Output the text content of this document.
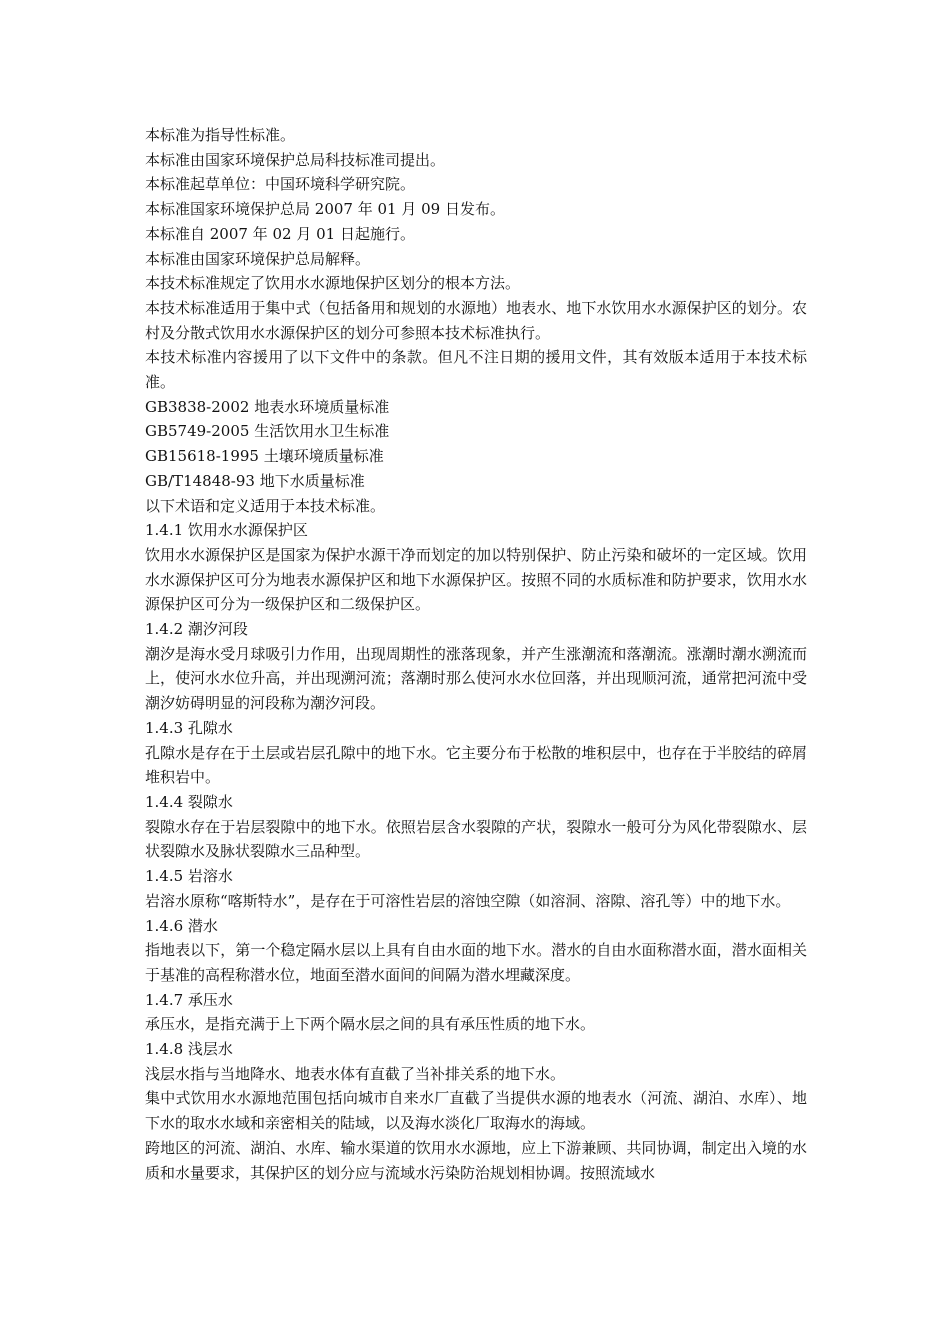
本标准为指导性标准。

本标准由国家环境保护总局科技标准司提出。

本标准起草单位：中国环境科学研究院。

本标准国家环境保护总局 2007 年 01 月 09 日发布。

本标准自 2007 年 02 月 01 日起施行。

本标准由国家环境保护总局解释。

本技术标准规定了饮用水水源地保护区划分的根本方法。

本技术标准适用于集中式（包括备用和规划的水源地）地表水、地下水饮用水水源保护区的划分。农村及分散式饮用水水源保护区的划分可参照本技术标准执行。

本技术标准内容援用了以下文件中的条款。但凡不注日期的援用文件，其有效版本适用于本技术标准。

GB3838-2002 地表水环境质量标准

GB5749-2005 生活饮用水卫生标准

GB15618-1995 土壤环境质量标准

GB/T14848-93 地下水质量标准

以下术语和定义适用于本技术标准。

1.4.1 饮用水水源保护区

饮用水水源保护区是国家为保护水源干净而划定的加以特别保护、防止污染和破坏的一定区域。饮用水水源保护区可分为地表水源保护区和地下水源保护区。按照不同的水质标准和防护要求，饮用水水源保护区可分为一级保护区和二级保护区。

1.4.2 潮汐河段

潮汐是海水受月球吸引力作用，出现周期性的涨落现象，并产生涨潮流和落潮流。涨潮时潮水溯流而上，使河水水位升高，并出现溯河流；落潮时那么使河水水位回落，并出现顺河流，通常把河流中受潮汐妨碍明显的河段称为潮汐河段。

1.4.3 孔隙水

孔隙水是存在于土层或岩层孔隙中的地下水。它主要分布于松散的堆积层中，也存在于半胶结的碎屑堆积岩中。

1.4.4 裂隙水

裂隙水存在于岩层裂隙中的地下水。依照岩层含水裂隙的产状，裂隙水一般可分为风化带裂隙水、层状裂隙水及脉状裂隙水三品种型。

1.4.5 岩溶水

岩溶水原称“喀斯特水”，是存在于可溶性岩层的溶蚀空隙（如溶洞、溶隙、溶孔等）中的地下水。

1.4.6 潜水

指地表以下，第一个稳定隔水层以上具有自由水面的地下水。潜水的自由水面称潜水面，潜水面相关于基准的高程称潜水位，地面至潜水面间的间隔为潜水埋藏深度。

1.4.7 承压水

承压水，是指充满于上下两个隔水层之间的具有承压性质的地下水。

1.4.8 浅层水

浅层水指与当地降水、地表水体有直截了当补排关系的地下水。

集中式饮用水水源地范围包括向城市自来水厂直截了当提供水源的地表水（河流、湖泊、水库）、地下水的取水水域和亲密相关的陆域，以及海水淡化厂取海水的海域。

跨地区的河流、湖泊、水库、输水渠道的饮用水水源地，应上下游兼顾、共同协调，制定出入境的水质和水量要求，其保护区的划分应与流域水污染防治规划相协调。按照流域水
